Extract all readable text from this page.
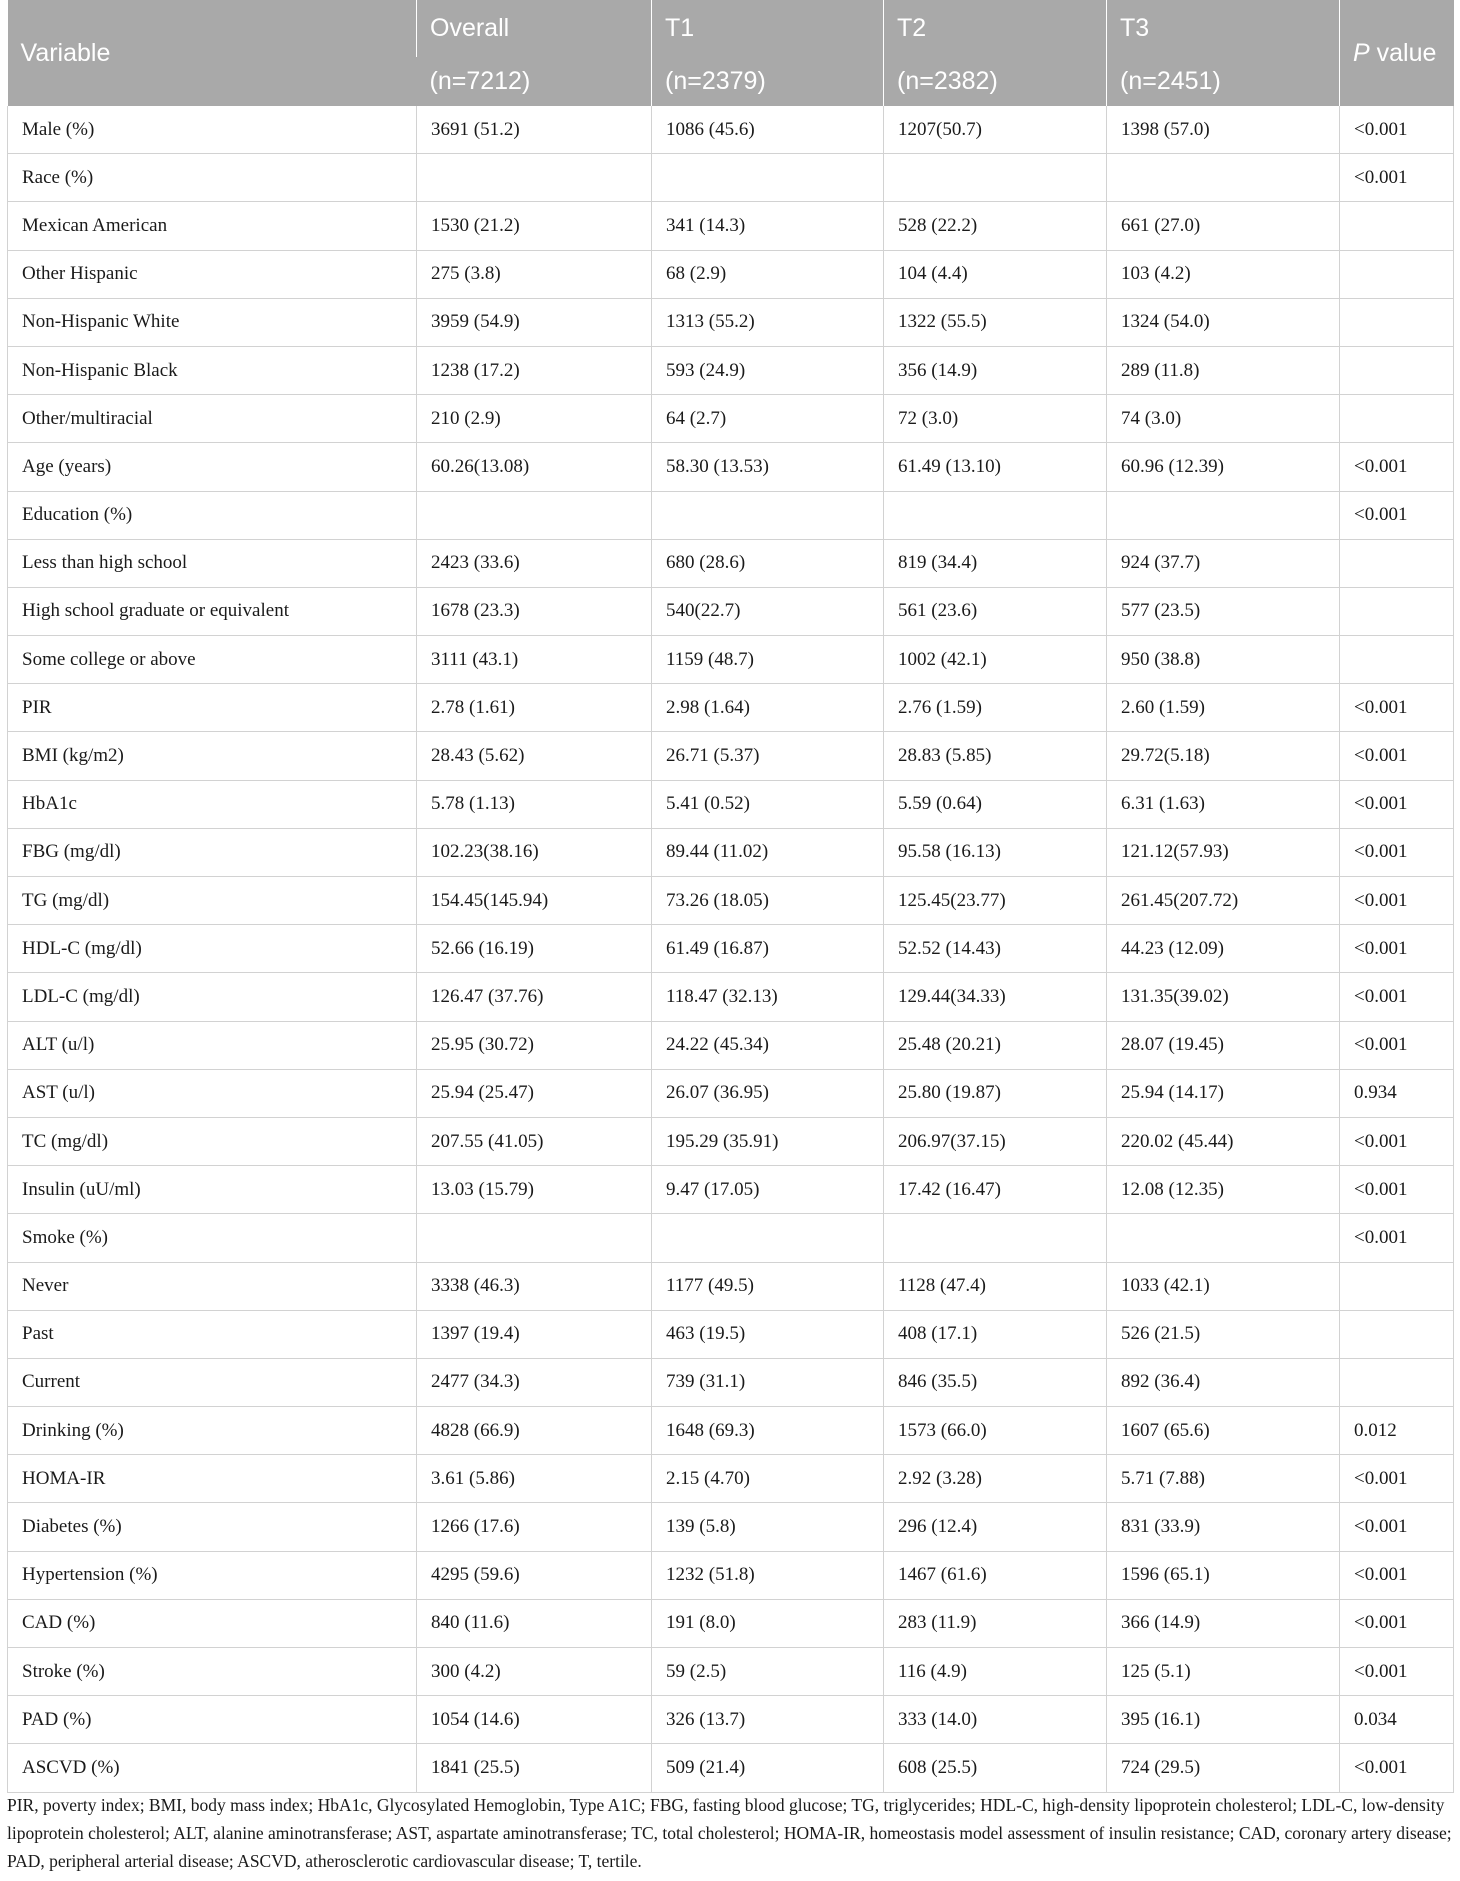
Variable	Overall	T1	T2	T3	P value
	(n=7212)	(n=2379)	(n=2382)	(n=2451)	
Male (%)	3691 (51.2)	1086 (45.6)	1207(50.7)	1398 (57.0)	<0.001
Race (%)					<0.001
Mexican American	1530 (21.2)	341 (14.3)	528 (22.2)	661 (27.0)	
Other Hispanic	275 (3.8)	68 (2.9)	104 (4.4)	103 (4.2)	
Non-Hispanic White	3959 (54.9)	1313 (55.2)	1322 (55.5)	1324 (54.0)	
Non-Hispanic Black	1238 (17.2)	593 (24.9)	356 (14.9)	289 (11.8)	
Other/multiracial	210 (2.9)	64 (2.7)	72 (3.0)	74 (3.0)	
Age (years)	60.26(13.08)	58.30 (13.53)	61.49 (13.10)	60.96 (12.39)	<0.001
Education (%)					<0.001
Less than high school	2423 (33.6)	680 (28.6)	819 (34.4)	924 (37.7)	
High school graduate or equivalent	1678 (23.3)	540(22.7)	561 (23.6)	577 (23.5)	
Some college or above	3111 (43.1)	1159 (48.7)	1002 (42.1)	950 (38.8)	
PIR	2.78 (1.61)	2.98 (1.64)	2.76 (1.59)	2.60 (1.59)	<0.001
BMI (kg/m2)	28.43 (5.62)	26.71 (5.37)	28.83 (5.85)	29.72(5.18)	<0.001
HbA1c	5.78 (1.13)	5.41 (0.52)	5.59 (0.64)	6.31 (1.63)	<0.001
FBG (mg/dl)	102.23(38.16)	89.44 (11.02)	95.58 (16.13)	121.12(57.93)	<0.001
TG (mg/dl)	154.45(145.94)	73.26 (18.05)	125.45(23.77)	261.45(207.72)	<0.001
HDL-C (mg/dl)	52.66 (16.19)	61.49 (16.87)	52.52 (14.43)	44.23 (12.09)	<0.001
LDL-C (mg/dl)	126.47 (37.76)	118.47 (32.13)	129.44(34.33)	131.35(39.02)	<0.001
ALT (u/l)	25.95 (30.72)	24.22 (45.34)	25.48 (20.21)	28.07 (19.45)	<0.001
AST (u/l)	25.94 (25.47)	26.07 (36.95)	25.80 (19.87)	25.94 (14.17)	0.934
TC (mg/dl)	207.55 (41.05)	195.29 (35.91)	206.97(37.15)	220.02 (45.44)	<0.001
Insulin (uU/ml)	13.03 (15.79)	9.47 (17.05)	17.42 (16.47)	12.08 (12.35)	<0.001
Smoke (%)					<0.001
Never	3338 (46.3)	1177 (49.5)	1128 (47.4)	1033 (42.1)	
Past	1397 (19.4)	463 (19.5)	408 (17.1)	526 (21.5)	
Current	2477 (34.3)	739 (31.1)	846 (35.5)	892 (36.4)	
Drinking (%)	4828 (66.9)	1648 (69.3)	1573 (66.0)	1607 (65.6)	0.012
HOMA-IR	3.61 (5.86)	2.15 (4.70)	2.92 (3.28)	5.71 (7.88)	<0.001
Diabetes (%)	1266 (17.6)	139 (5.8)	296 (12.4)	831 (33.9)	<0.001
Hypertension (%)	4295 (59.6)	1232 (51.8)	1467 (61.6)	1596 (65.1)	<0.001
CAD (%)	840 (11.6)	191 (8.0)	283 (11.9)	366 (14.9)	<0.001
Stroke (%)	300 (4.2)	59 (2.5)	116 (4.9)	125 (5.1)	<0.001
PAD (%)	1054 (14.6)	326 (13.7)	333 (14.0)	395 (16.1)	0.034
ASCVD (%)	1841 (25.5)	509 (21.4)	608 (25.5)	724 (29.5)	<0.001
PIR, poverty index; BMI, body mass index; HbA1c, Glycosylated Hemoglobin, Type A1C; FBG, fasting blood glucose; TG, triglycerides; HDL-C, high-density lipoprotein cholesterol; LDL-C, low-density lipoprotein cholesterol; ALT, alanine aminotransferase; AST, aspartate aminotransferase; TC, total cholesterol; HOMA-IR, homeostasis model assessment of insulin resistance; CAD, coronary artery disease; PAD, peripheral arterial disease; ASCVD, atherosclerotic cardiovascular disease; T, tertile.
